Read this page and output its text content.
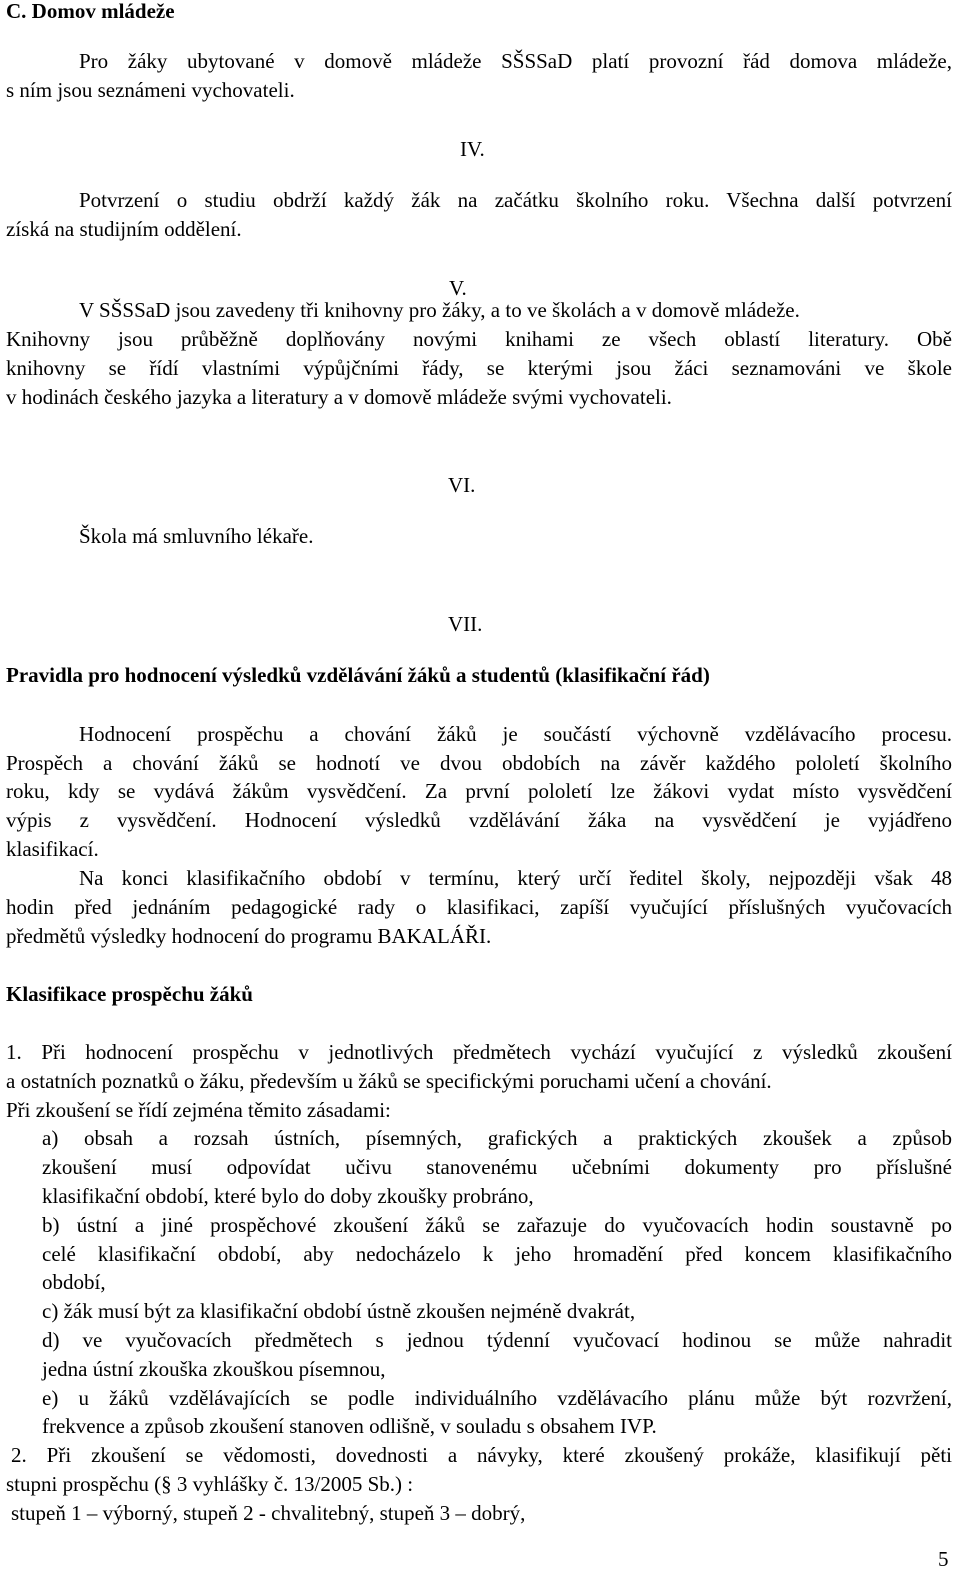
C. Domov mládeže
Pro žáky ubytované v domově mládeže SŠSSaD platí provozní řád domova mládeže,
s ním jsou seznámeni vychovateli.
IV.
Potvrzení o studiu obdrží každý žák na začátku školního roku. Všechna další potvrzení
získá na studijním oddělení.
V.
V SŠSSaD jsou zavedeny tři knihovny pro žáky, a to ve školách a v domově mládeže.
Knihovny jsou průběžně doplňovány novými knihami ze všech oblastí literatury. Obě
knihovny se řídí vlastními výpůjčními řády, se kterými jsou žáci seznamováni ve škole
v hodinách českého jazyka a literatury a v domově mládeže svými vychovateli.
VI.
Škola má smluvního lékaře.
VII.
Pravidla pro hodnocení výsledků vzdělávání žáků a studentů (klasifikační řád)
Hodnocení prospěchu a chování žáků je součástí výchovně vzdělávacího procesu.
Prospěch a chování žáků se hodnotí ve dvou obdobích na závěr každého pololetí školního
roku, kdy se vydává žákům vysvědčení. Za první pololetí lze žákovi vydat místo vysvědčení
výpis z vysvědčení. Hodnocení výsledků vzdělávání žáka na vysvědčení je vyjádřeno
klasifikací.
Na konci klasifikačního období v termínu, který určí ředitel školy, nejpozději však 48
hodin před jednáním pedagogické rady o klasifikaci, zapíší vyučující příslušných vyučovacích
předmětů výsledky hodnocení do programu BAKALÁŘI.
Klasifikace prospěchu žáků
1. Při hodnocení prospěchu v jednotlivých předmětech vychází vyučující z výsledků zkoušení
a ostatních poznatků o žáku, především u žáků se specifickými poruchami učení a chování.
Při zkoušení se řídí zejména těmito zásadami:
a) obsah a rozsah ústních, písemných, grafických a praktických zkoušek a způsob
zkoušení musí odpovídat učivu stanovenému učebními dokumenty pro příslušné
klasifikační období, které bylo do doby zkoušky probráno,
b) ústní a jiné prospěchové zkoušení žáků se zařazuje do vyučovacích hodin soustavně po
celé klasifikační období, aby nedocházelo k jeho hromadění před koncem klasifikačního
období,
c) žák musí být za klasifikační období ústně zkoušen nejméně dvakrát,
d) ve vyučovacích předmětech s jednou týdenní vyučovací hodinou se může nahradit
jedna ústní zkouška zkouškou písemnou,
e) u žáků vzdělávajících se podle individuálního vzdělávacího plánu může být rozvržení,
frekvence a způsob zkoušení stanoven odlišně, v souladu s obsahem IVP.
2. Při zkoušení se vědomosti, dovednosti a návyky, které zkoušený prokáže, klasifikují pěti
stupni prospěchu (§ 3 vyhlášky č. 13/2005 Sb.) :
stupeň 1 – výborný, stupeň 2 - chvalitebný, stupeň 3 – dobrý,
5
